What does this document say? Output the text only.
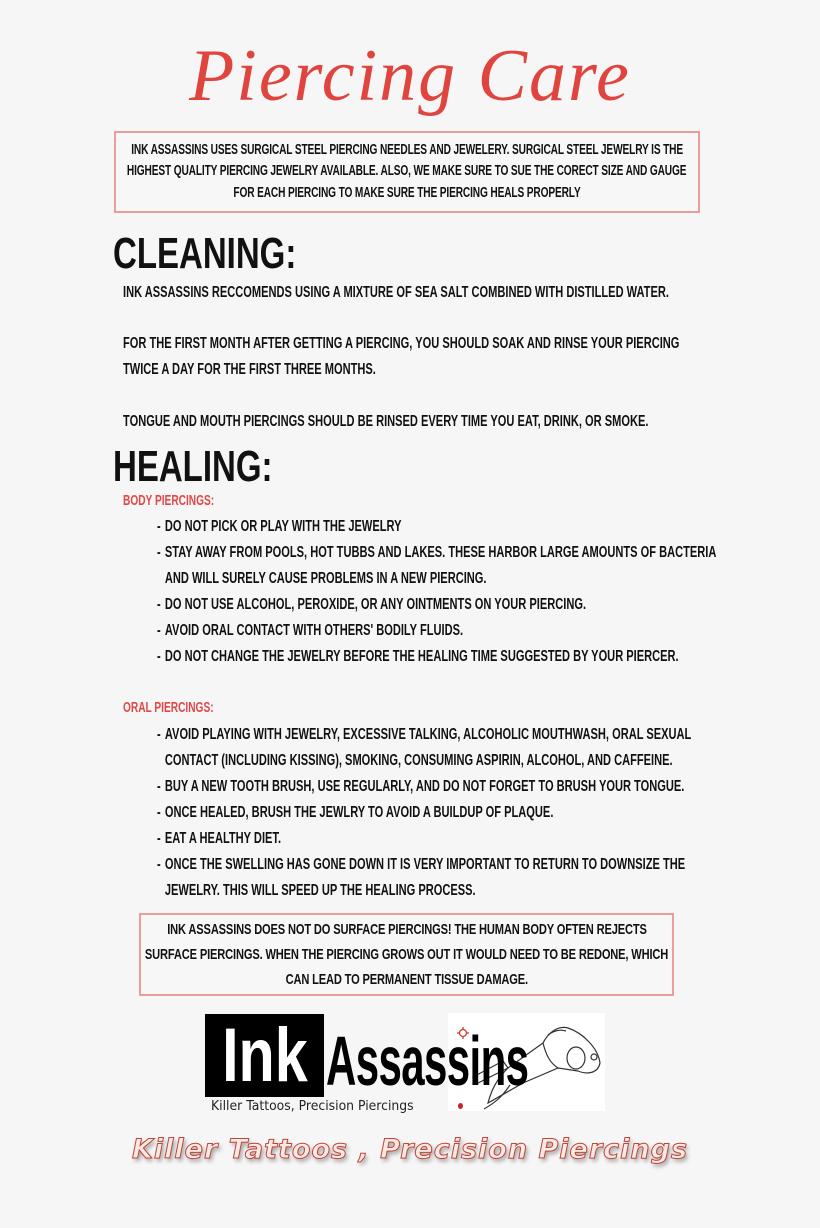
Piercing Care
INK ASSASSINS USES SURGICAL STEEL PIERCING NEEDLES AND JEWELERY. SURGICAL STEEL JEWELRY IS THE
HIGHEST QUALITY PIERCING JEWELRY AVAILABLE. ALSO, WE MAKE SURE TO SUE THE CORECT SIZE AND GAUGE
FOR EACH PIERCING TO MAKE SURE THE PIERCING HEALS PROPERLY
CLEANING:
INK ASSASSINS RECCOMENDS USING A MIXTURE OF SEA SALT COMBINED WITH DISTILLED WATER.
FOR THE FIRST MONTH AFTER GETTING A PIERCING, YOU SHOULD SOAK AND RINSE YOUR PIERCING
TWICE A DAY FOR THE FIRST THREE MONTHS.
TONGUE AND MOUTH PIERCINGS SHOULD BE RINSED EVERY TIME YOU EAT, DRINK, OR SMOKE.
HEALING:
BODY PIERCINGS:
- DO NOT PICK OR PLAY WITH THE JEWELRY
- STAY AWAY FROM POOLS, HOT TUBBS AND LAKES. THESE HARBOR LARGE AMOUNTS OF BACTERIA
AND WILL SURELY CAUSE PROBLEMS IN A NEW PIERCING.
- DO NOT USE ALCOHOL, PEROXIDE, OR ANY OINTMENTS ON YOUR PIERCING.
- AVOID ORAL CONTACT WITH OTHERS' BODILY FLUIDS.
- DO NOT CHANGE THE JEWELRY BEFORE THE HEALING TIME SUGGESTED BY YOUR PIERCER.
ORAL PIERCINGS:
- AVOID PLAYING WITH JEWELRY, EXCESSIVE TALKING, ALCOHOLIC MOUTHWASH, ORAL SEXUAL
CONTACT (INCLUDING KISSING), SMOKING, CONSUMING ASPIRIN, ALCOHOL, AND CAFFEINE.
- BUY A NEW TOOTH BRUSH, USE REGULARLY, AND DO NOT FORGET TO BRUSH YOUR TONGUE.
- ONCE HEALED, BRUSH THE JEWLRY TO AVOID A BUILDUP OF PLAQUE.
- EAT A HEALTHY DIET.
- ONCE THE SWELLING HAS GONE DOWN IT IS VERY IMPORTANT TO RETURN TO DOWNSIZE THE
JEWELRY. THIS WILL SPEED UP THE HEALING PROCESS.
INK ASSASSINS DOES NOT DO SURFACE PIERCINGS! THE HUMAN BODY OFTEN REJECTS
SURFACE PIERCINGS. WHEN THE PIERCING GROWS OUT IT WOULD NEED TO BE REDONE, WHICH
CAN LEAD TO PERMANENT TISSUE DAMAGE.
Ink Assassins
Killer Tattoos, Precision Piercings
Killer Tattoos , Precision Piercings
